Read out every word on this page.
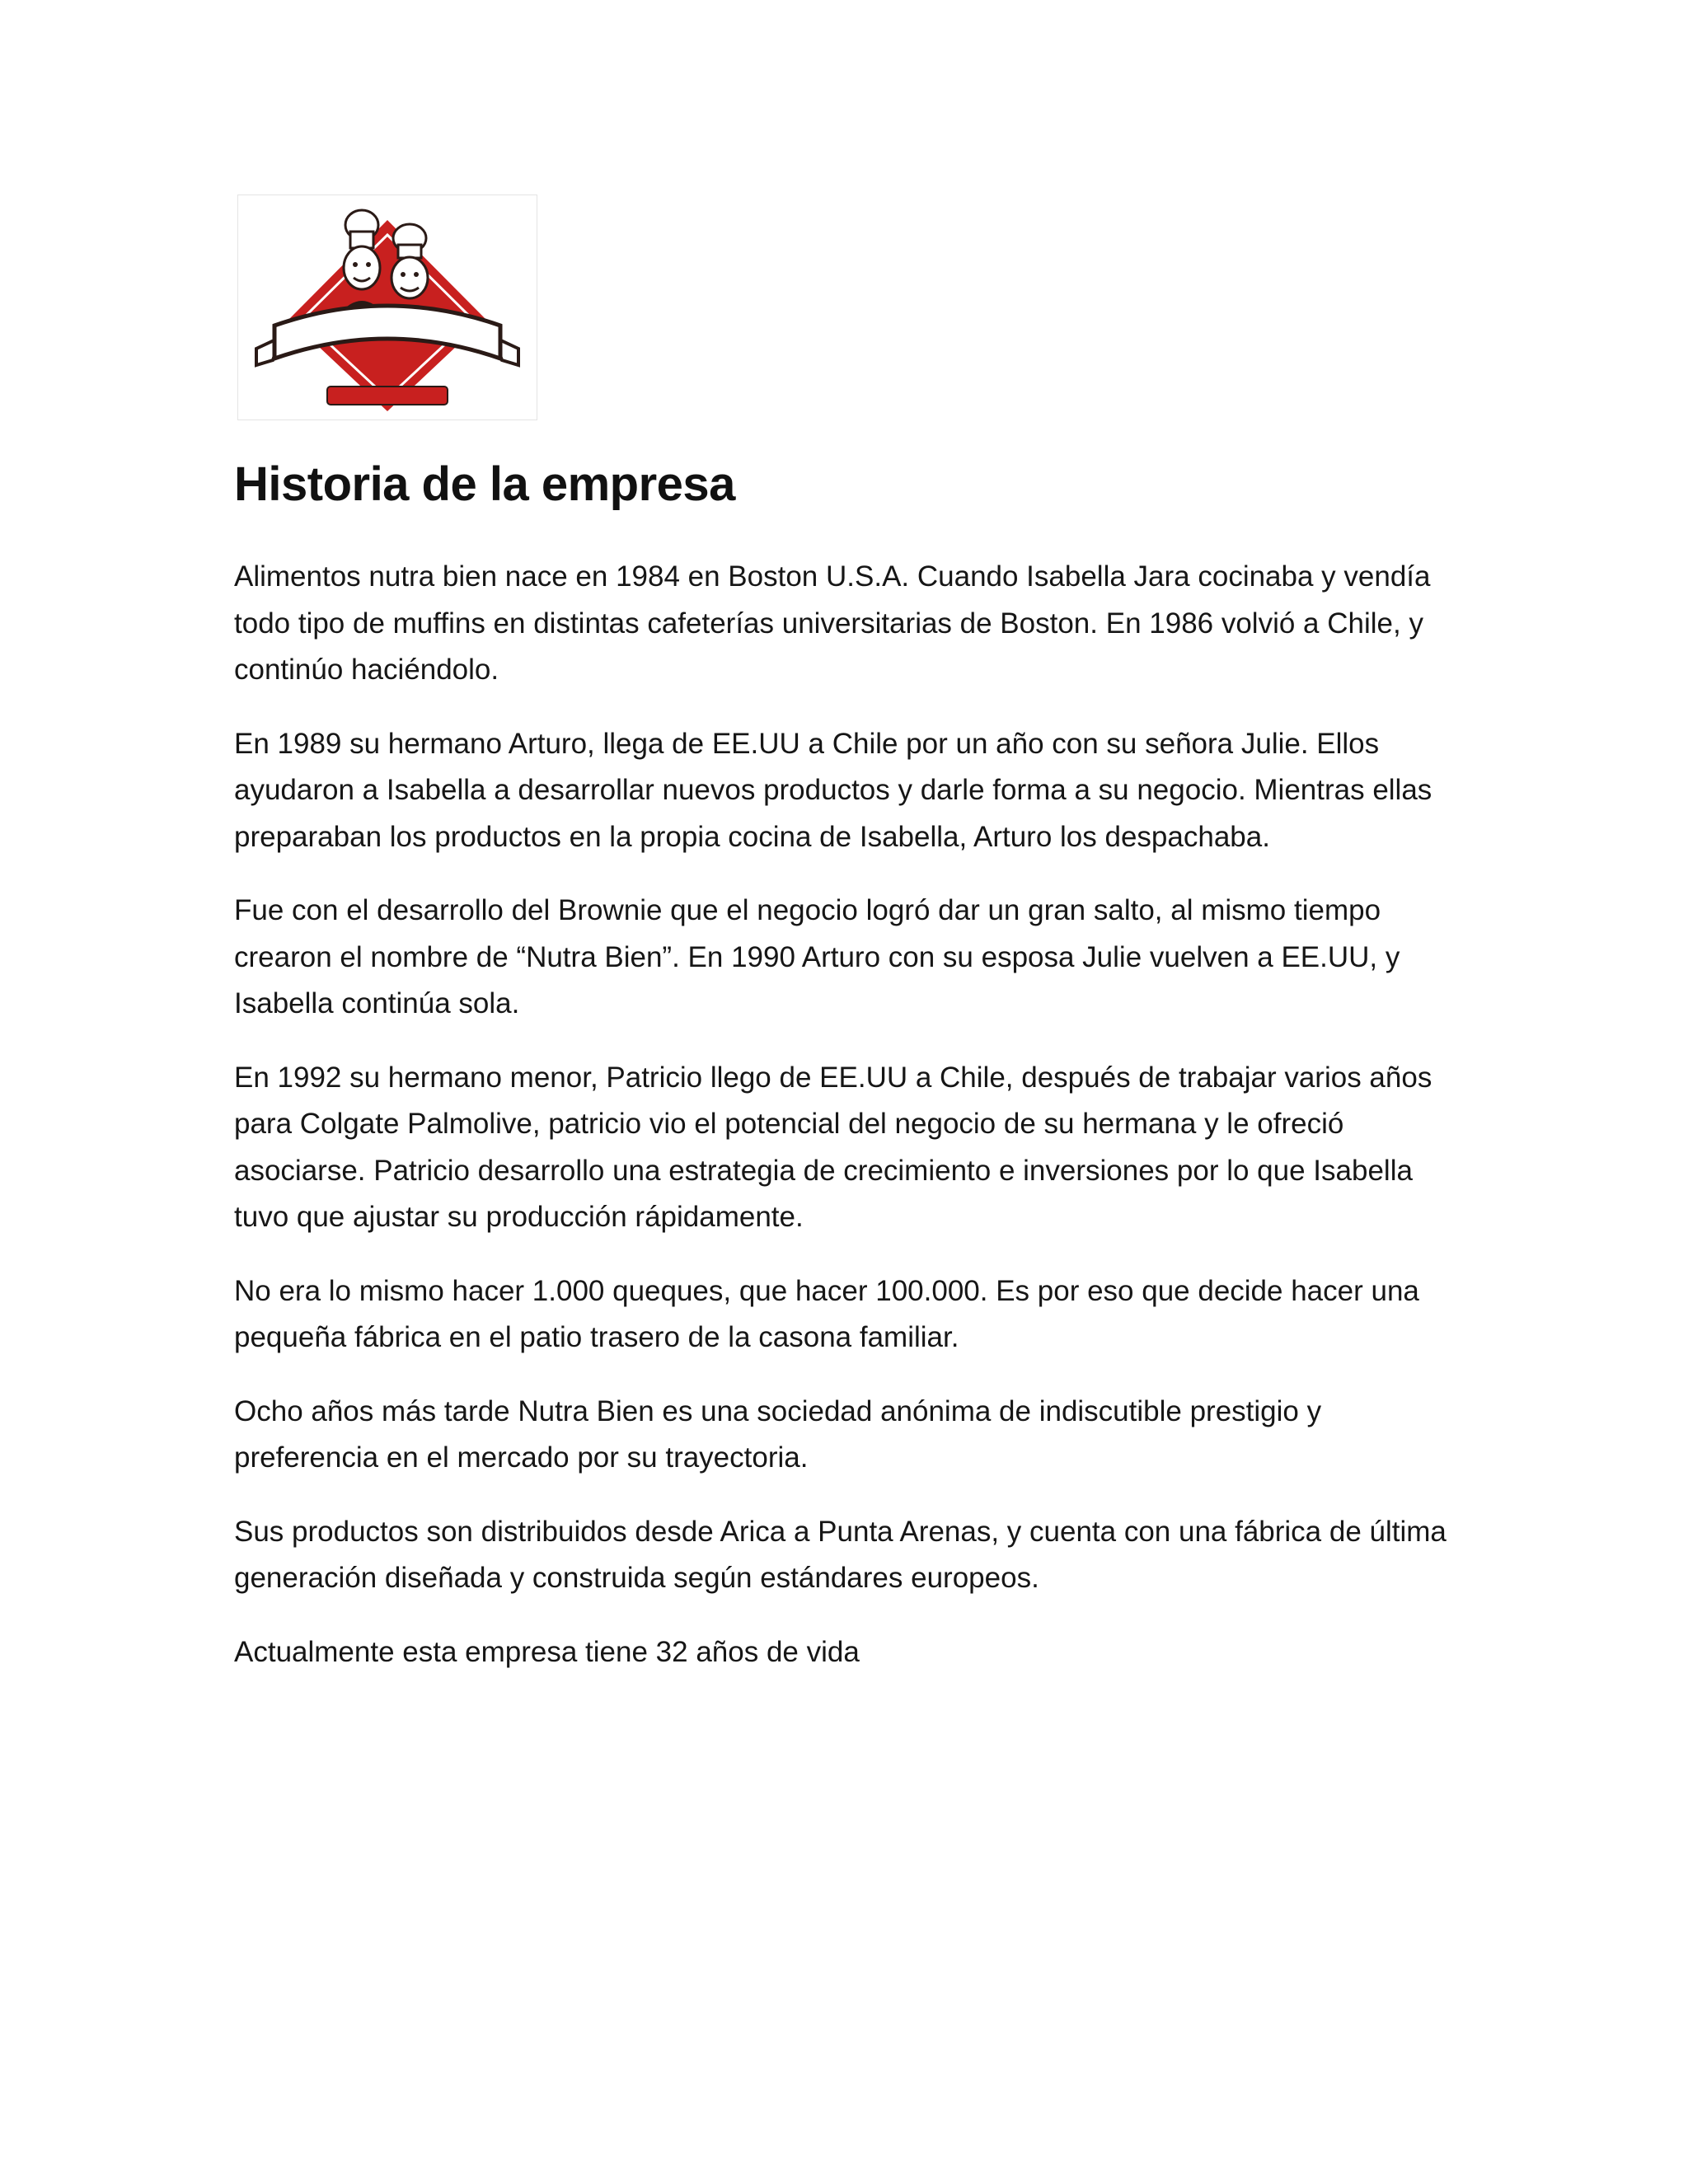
Historia de la empresa

Alimentos nutra bien nace en 1984 en Boston U.S.A. Cuando Isabella Jara cocinaba y vendía todo tipo de muffins en distintas cafeterías universitarias de Boston. En 1986 volvió a Chile, y continúo haciéndolo.

En 1989 su hermano Arturo, llega de EE.UU a Chile por un año con su señora Julie. Ellos ayudaron a Isabella a desarrollar nuevos productos y darle forma a su negocio. Mientras ellas preparaban los productos en la propia cocina de Isabella, Arturo los despachaba.

Fue con el desarrollo del Brownie que el negocio logró dar un gran salto, al mismo tiempo crearon el nombre de “Nutra Bien”. En 1990 Arturo con su esposa Julie vuelven a EE.UU, y Isabella continúa sola.

En 1992 su hermano menor, Patricio llego de EE.UU a Chile, después de trabajar varios años para Colgate Palmolive, patricio vio el potencial del negocio de su hermana y le ofreció asociarse. Patricio desarrollo una estrategia de crecimiento e inversiones por lo que Isabella tuvo que ajustar su producción rápidamente.

No era lo mismo hacer 1.000 queques, que hacer 100.000. Es por eso que decide hacer una pequeña fábrica en el patio trasero de la casona familiar.

Ocho años más tarde Nutra Bien es una sociedad anónima de indiscutible prestigio y preferencia en el mercado por su trayectoria.

Sus productos son distribuidos desde Arica a Punta Arenas, y cuenta con una fábrica de última generación diseñada y construida según estándares europeos.

Actualmente esta empresa tiene 32 años de vida
